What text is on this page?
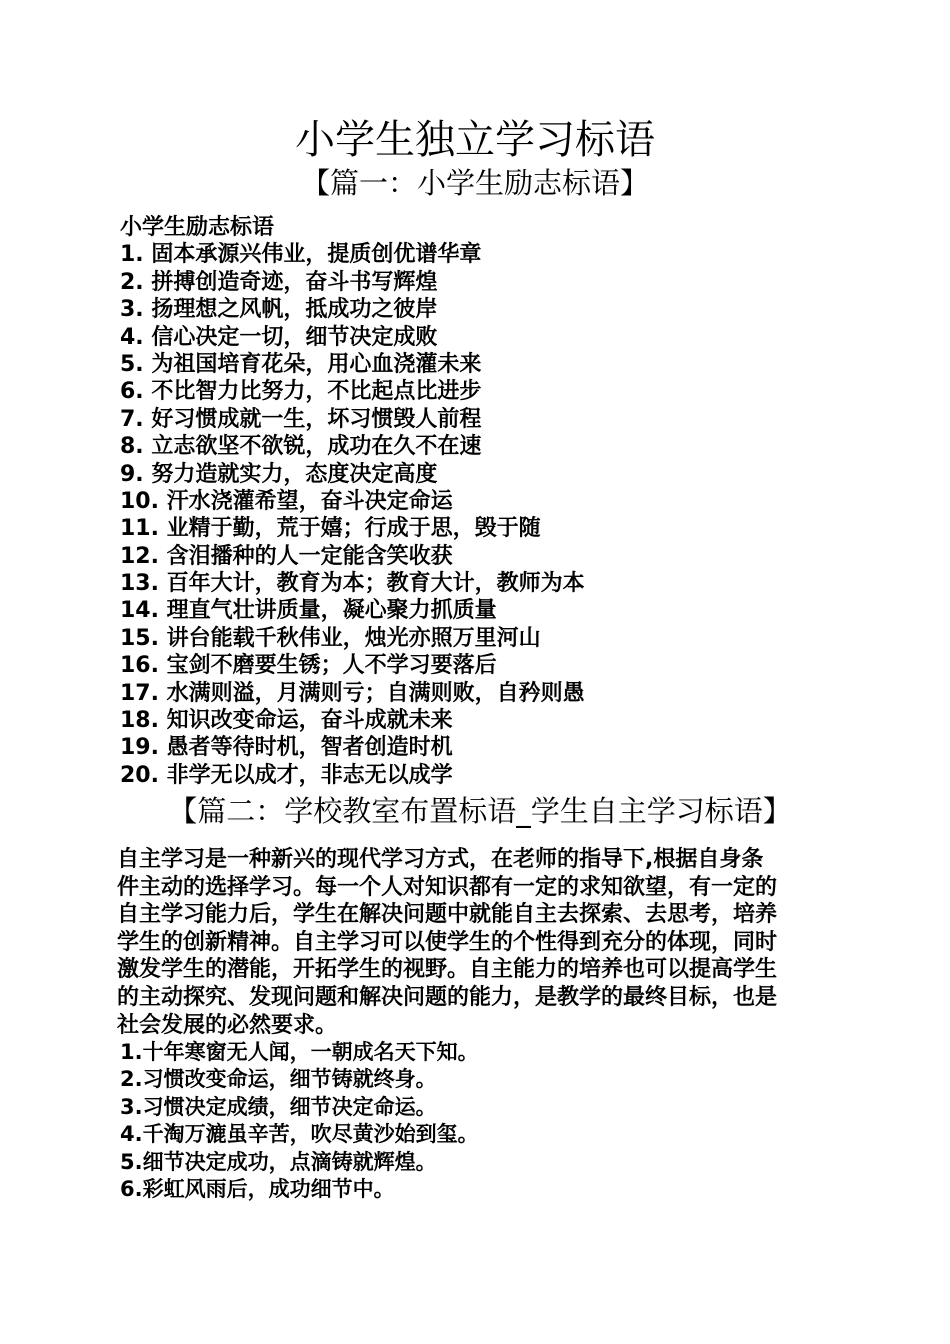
小学生独立学习标语
【篇一：小学生励志标语】
小学生励志标语
1. 固本承源兴伟业，提质创优谱华章
2. 拼搏创造奇迹，奋斗书写辉煌
3. 扬理想之风帆，抵成功之彼岸
4. 信心决定一切，细节决定成败
5. 为祖国培育花朵，用心血浇灌未来
6. 不比智力比努力，不比起点比进步
7. 好习惯成就一生，坏习惯毁人前程
8. 立志欲坚不欲锐，成功在久不在速
9. 努力造就实力，态度决定高度
10. 汗水浇灌希望，奋斗决定命运
11. 业精于勤，荒于嬉；行成于思，毁于随
12. 含泪播种的人一定能含笑收获
13. 百年大计，教育为本；教育大计，教师为本
14. 理直气壮讲质量，凝心聚力抓质量
15. 讲台能载千秋伟业，烛光亦照万里河山
16. 宝剑不磨要生锈；人不学习要落后
17. 水满则溢，月满则亏；自满则败，自矜则愚
18. 知识改变命运，奋斗成就未来
19. 愚者等待时机，智者创造时机
20. 非学无以成才，非志无以成学
【篇二：学校教室布置标语_学生自主学习标语】
自主学习是一种新兴的现代学习方式，在老师的指导下,根据自身条
件主动的选择学习。每一个人对知识都有一定的求知欲望，有一定的
自主学习能力后，学生在解决问题中就能自主去探索、去思考，培养
学生的创新精神。自主学习可以使学生的个性得到充分的体现，同时
激发学生的潜能，开拓学生的视野。自主能力的培养也可以提高学生
的主动探究、发现问题和解决问题的能力，是教学的最终目标，也是
社会发展的必然要求。
1.十年寒窗无人闻，一朝成名天下知。
2.习惯改变命运，细节铸就终身。
3.习惯决定成绩，细节决定命运。
4.千淘万漉虽辛苦，吹尽黄沙始到玺。
5.细节决定成功，点滴铸就辉煌。
6.彩虹风雨后，成功细节中。
